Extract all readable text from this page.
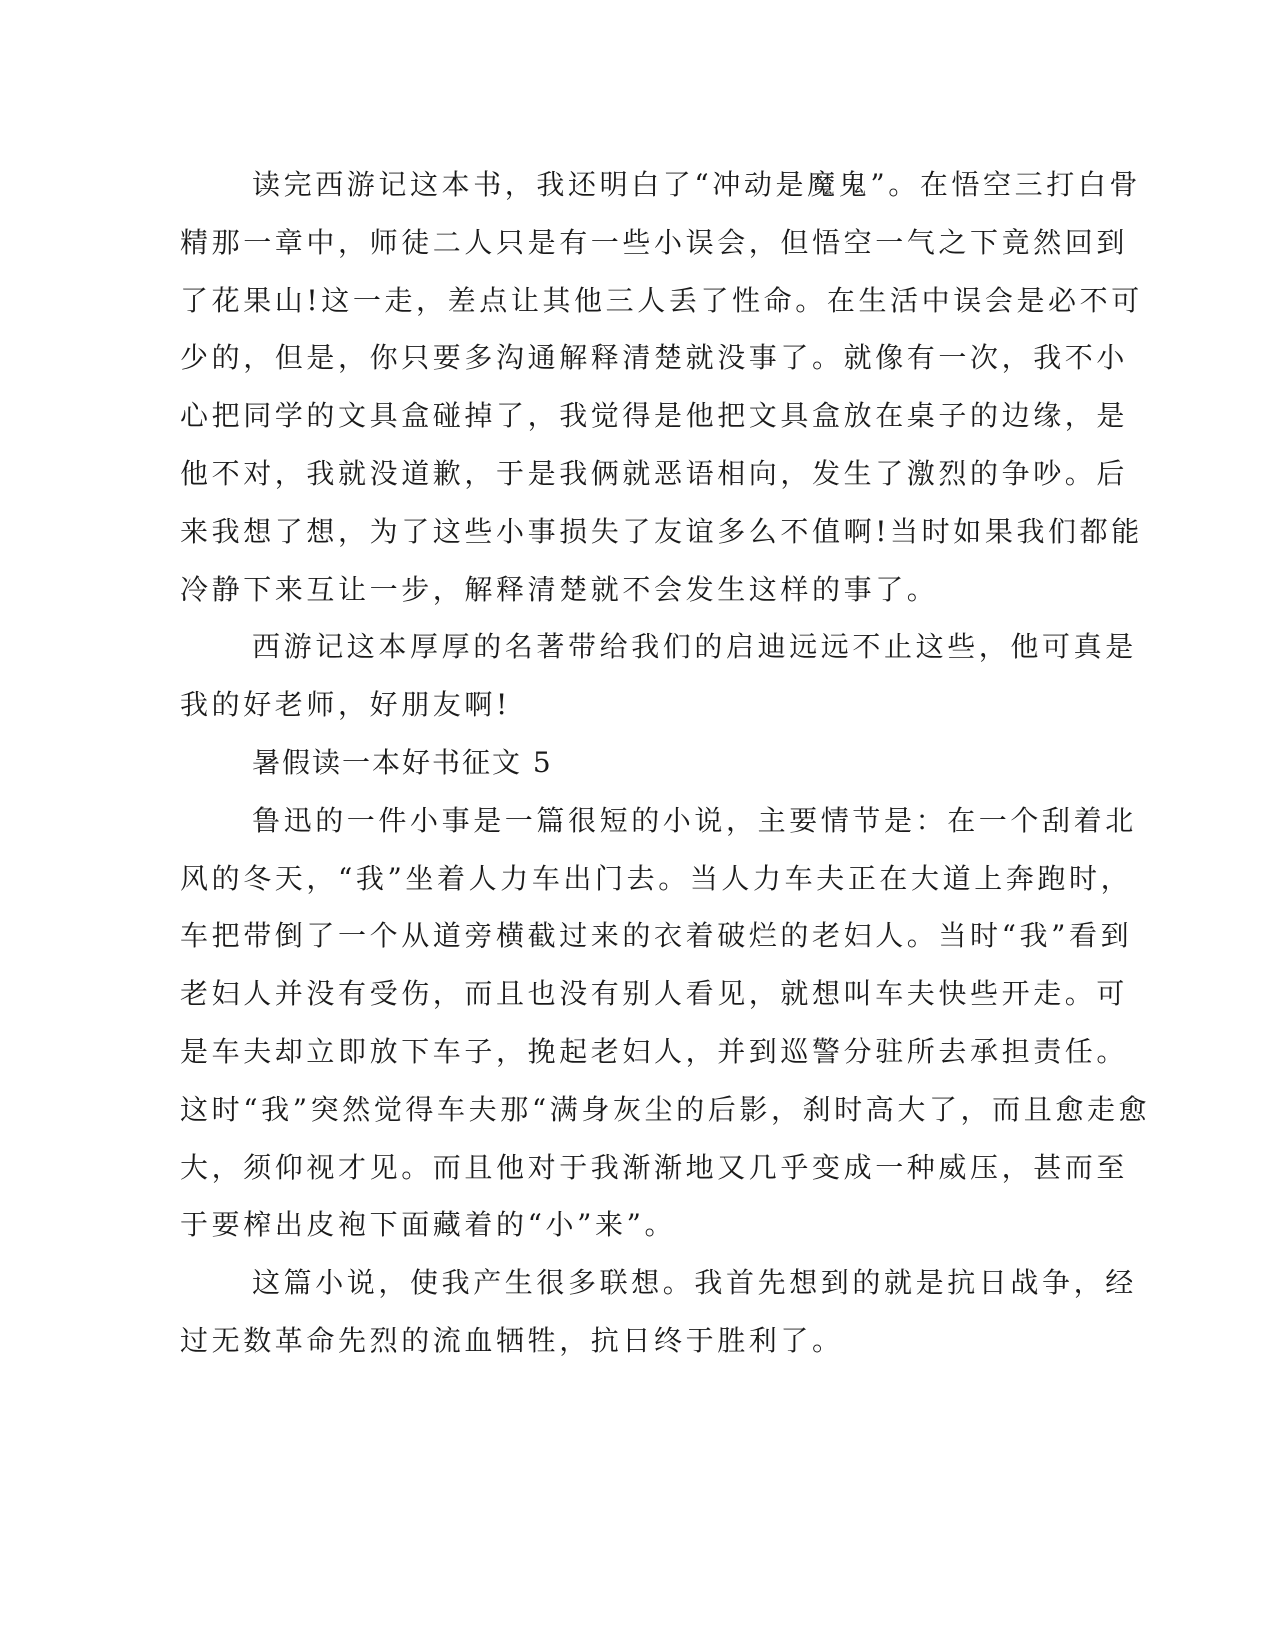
读完西游记这本书，我还明白了“冲动是魔鬼”。在悟空三打白骨
精那一章中，师徒二人只是有一些小误会，但悟空一气之下竟然回到
了花果山!这一走，差点让其他三人丢了性命。在生活中误会是必不可
少的，但是，你只要多沟通解释清楚就没事了。就像有一次，我不小
心把同学的文具盒碰掉了，我觉得是他把文具盒放在桌子的边缘，是
他不对，我就没道歉，于是我俩就恶语相向，发生了激烈的争吵。后
来我想了想，为了这些小事损失了友谊多么不值啊!当时如果我们都能
冷静下来互让一步，解释清楚就不会发生这样的事了。
西游记这本厚厚的名著带给我们的启迪远远不止这些，他可真是
我的好老师，好朋友啊!
暑假读一本好书征文 5
鲁迅的一件小事是一篇很短的小说，主要情节是：在一个刮着北
风的冬天，“我”坐着人力车出门去。当人力车夫正在大道上奔跑时，
车把带倒了一个从道旁横截过来的衣着破烂的老妇人。当时“我”看到
老妇人并没有受伤，而且也没有别人看见，就想叫车夫快些开走。可
是车夫却立即放下车子，挽起老妇人，并到巡警分驻所去承担责任。
这时“我”突然觉得车夫那“满身灰尘的后影，刹时高大了，而且愈走愈
大，须仰视才见。而且他对于我渐渐地又几乎变成一种威压，甚而至
于要榨出皮袍下面藏着的“小”来”。
这篇小说，使我产生很多联想。我首先想到的就是抗日战争，经
过无数革命先烈的流血牺牲，抗日终于胜利了。
